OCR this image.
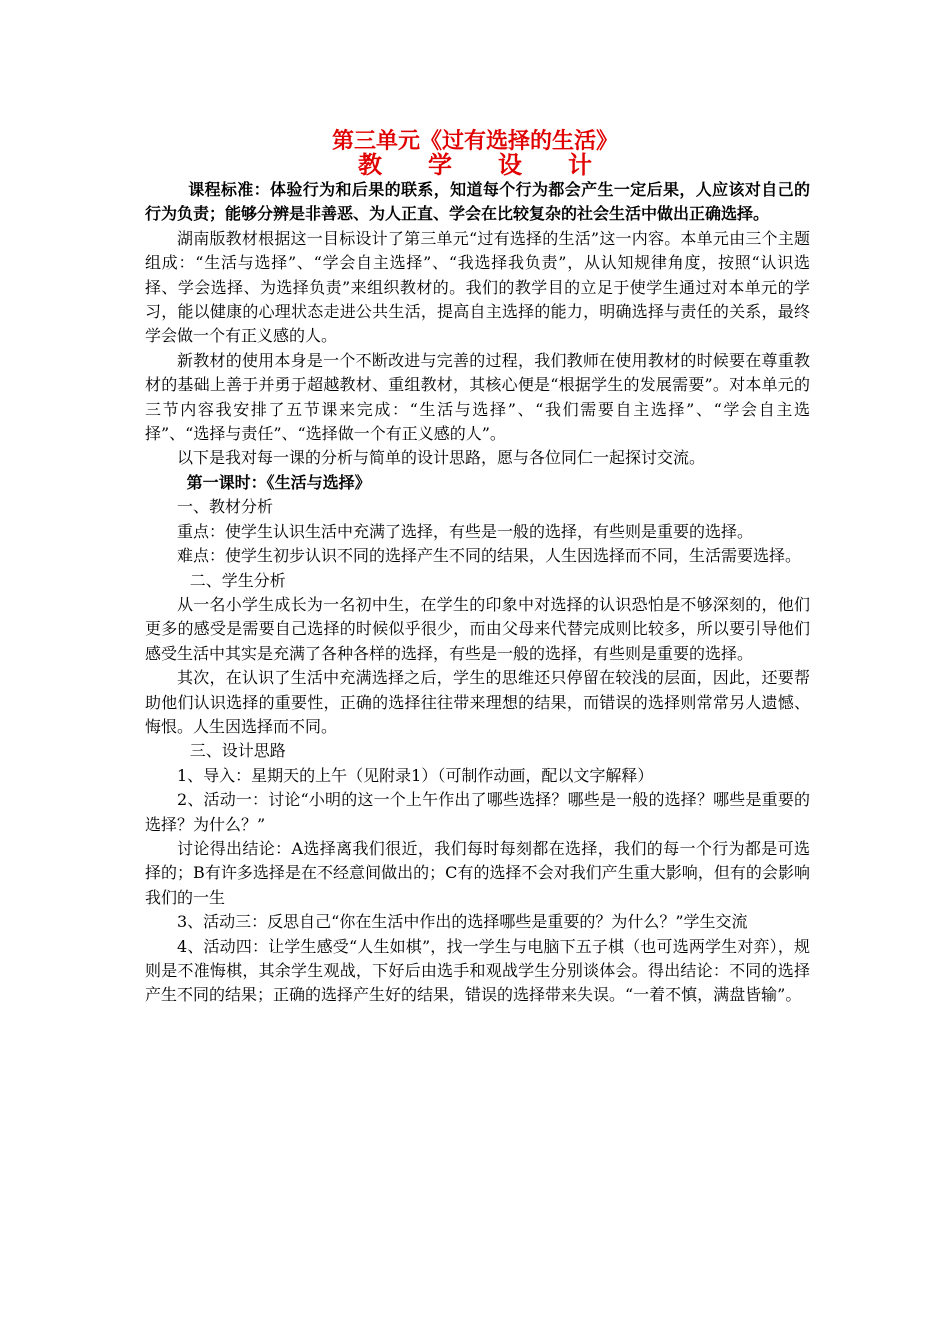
第三单元《过有选择的生活》
教学设计

课程标准：体验行为和后果的联系，知道每个行为都会产生一定后果，人应该对自己的行为负责；能够分辨是非善恶、为人正直、学会在比较复杂的社会生活中做出正确选择。

湖南版教材根据这一目标设计了第三单元“过有选择的生活”这一内容。本单元由三个主题组成：“生活与选择”、“学会自主选择”、“我选择我负责”，从认知规律角度，按照“认识选择、学会选择、为选择负责”来组织教材的。我们的教学目的立足于使学生通过对本单元的学习，能以健康的心理状态走进公共生活，提高自主选择的能力，明确选择与责任的关系，最终学会做一个有正义感的人。

新教材的使用本身是一个不断改进与完善的过程，我们教师在使用教材的时候要在尊重教材的基础上善于并勇于超越教材、重组教材，其核心便是“根据学生的发展需要”。对本单元的三节内容我安排了五节课来完成：“生活与选择”、“我们需要自主选择”、“学会自主选择”、“选择与责任”、“选择做一个有正义感的人”。

以下是我对每一课的分析与简单的设计思路，愿与各位同仁一起探讨交流。

第一课时：《生活与选择》

一、教材分析

重点：使学生认识生活中充满了选择，有些是一般的选择，有些则是重要的选择。

难点：使学生初步认识不同的选择产生不同的结果，人生因选择而不同，生活需要选择。

二、学生分析

从一名小学生成长为一名初中生，在学生的印象中对选择的认识恐怕是不够深刻的，他们更多的感受是需要自己选择的时候似乎很少，而由父母来代替完成则比较多，所以要引导他们感受生活中其实是充满了各种各样的选择，有些是一般的选择，有些则是重要的选择。

其次，在认识了生活中充满选择之后，学生的思维还只停留在较浅的层面，因此，还要帮助他们认识选择的重要性，正确的选择往往带来理想的结果，而错误的选择则常常另人遗憾、悔恨。人生因选择而不同。

三、设计思路

1、导入：星期天的上午（见附录1）（可制作动画，配以文字解释）

2、活动一：讨论“小明的这一个上午作出了哪些选择？哪些是一般的选择？哪些是重要的选择？为什么？”

讨论得出结论：A选择离我们很近，我们每时每刻都在选择，我们的每一个行为都是可选择的；B有许多选择是在不经意间做出的；C有的选择不会对我们产生重大影响，但有的会影响我们的一生

3、活动三：反思自己“你在生活中作出的选择哪些是重要的？为什么？”学生交流

4、活动四：让学生感受“人生如棋”，找一学生与电脑下五子棋（也可选两学生对弈），规则是不准悔棋，其余学生观战，下好后由选手和观战学生分别谈体会。得出结论：不同的选择产生不同的结果；正确的选择产生好的结果，错误的选择带来失误。“一着不慎，满盘皆输”。
